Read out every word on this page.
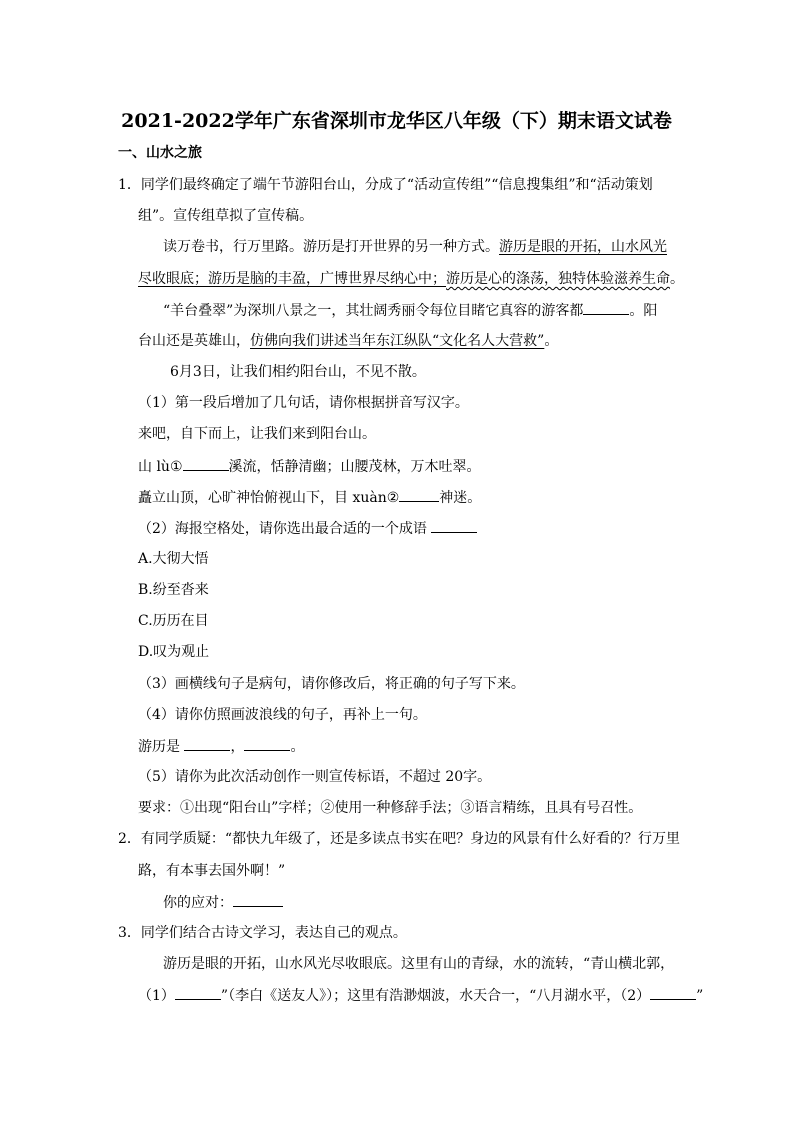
2021-2022学年广东省深圳市龙华区八年级（下）期末语文试卷
一、山水之旅
1．同学们最终确定了端午节游阳台山，分成了“活动宣传组”“信息搜集组”和“活动策划
组”。宣传组草拟了宣传稿。
读万卷书，行万里路。游历是打开世界的另一种方式。游历是眼的开拓，山水风光
尽收眼底；游历是脑的丰盈，广博世界尽纳心中；游历是心的涤荡，独特体验滋养生命。
“羊台叠翠”为深圳八景之一，其壮阔秀丽令每位目睹它真容的游客都	。阳
台山还是英雄山，仿佛向我们讲述当年东江纵队“文化名人大营救”。
6月3日，让我们相约阳台山，不见不散。
（1）第一段后增加了几句话，请你根据拼音写汉字。
来吧，自下而上，让我们来到阳台山。
山 lù①	溪流，恬静清幽；山腰茂林，万木吐翠。
矗立山顶，心旷神怡俯视山下，目 xuàn②	神迷。
（2）海报空格处，请你选出最合适的一个成语
A.大彻大悟
B.纷至沓来
C.历历在目
D.叹为观止
（3）画横线句子是病句，请你修改后，将正确的句子写下来。
（4）请你仿照画波浪线的句子，再补上一句。
游历是	，	。
（5）请你为此次活动创作一则宣传标语，不超过 20字。
要求：①出现“阳台山”字样；②使用一种修辞手法；③语言精练，且具有号召性。
2．有同学质疑：“都快九年级了，还是多读点书实在吧？身边的风景有什么好看的？行万里
路，有本事去国外啊！”
你的应对：
3．同学们结合古诗文学习，表达自己的观点。
游历是眼的开拓，山水风光尽收眼底。这里有山的青绿，水的流转，“青山横北郭，
（1）	”（李白《送友人》）；这里有浩渺烟波，水天合一，“八月湖水平，（2）	”
